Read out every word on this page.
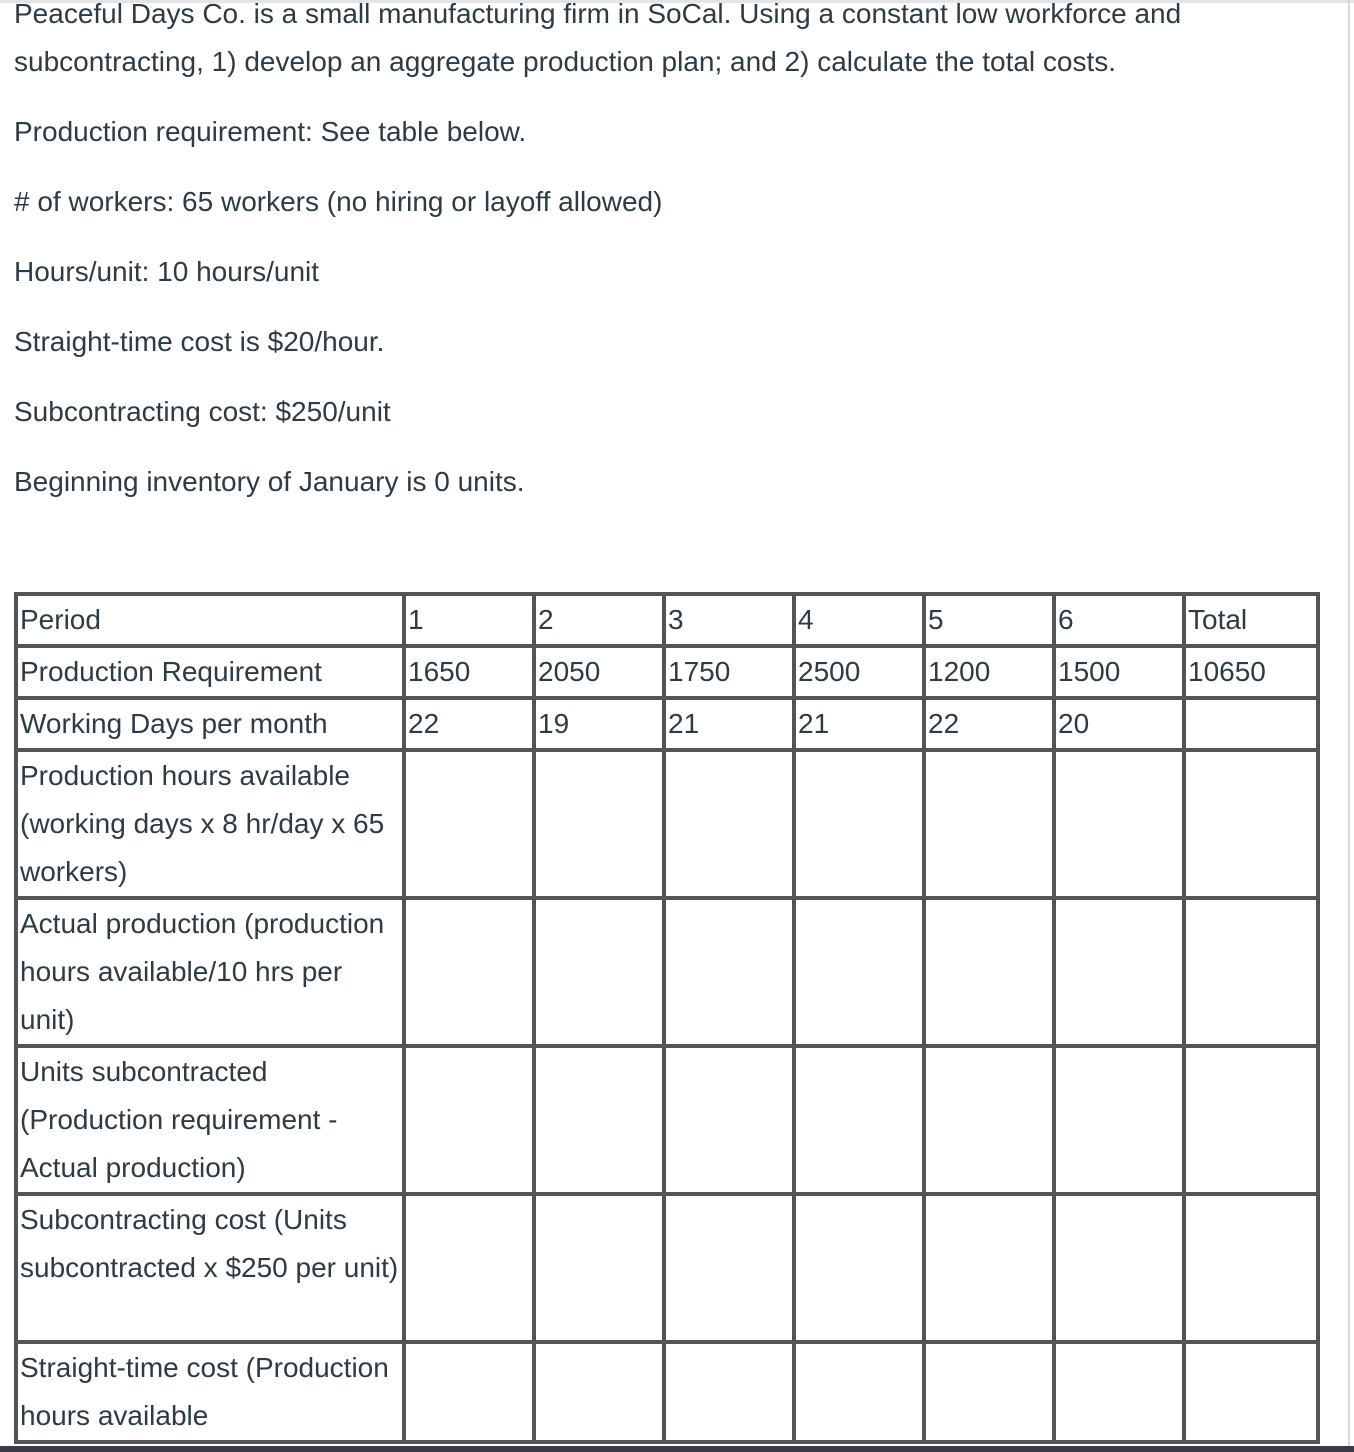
Peaceful Days Co. is a small manufacturing firm in SoCal. Using a constant low workforce and subcontracting, 1) develop an aggregate production plan; and 2) calculate the total costs.

Production requirement: See table below.

# of workers: 65 workers (no hiring or layoff allowed)

Hours/unit: 10 hours/unit

Straight-time cost is $20/hour.

Subcontracting cost: $250/unit

Beginning inventory of January is 0 units.

Period	1	2	3	4	5	6	Total
Production Requirement	1650	2050	1750	2500	1200	1500	10650
Working Days per month	22	19	21	21	22	20	
Production hours available (working days x 8 hr/day x 65 workers)							
Actual production (production hours available/10 hrs per unit)							
Units subcontracted (Production requirement - Actual production)							
Subcontracting cost (Units subcontracted x $250 per unit)							
Straight-time cost (Production hours available							
